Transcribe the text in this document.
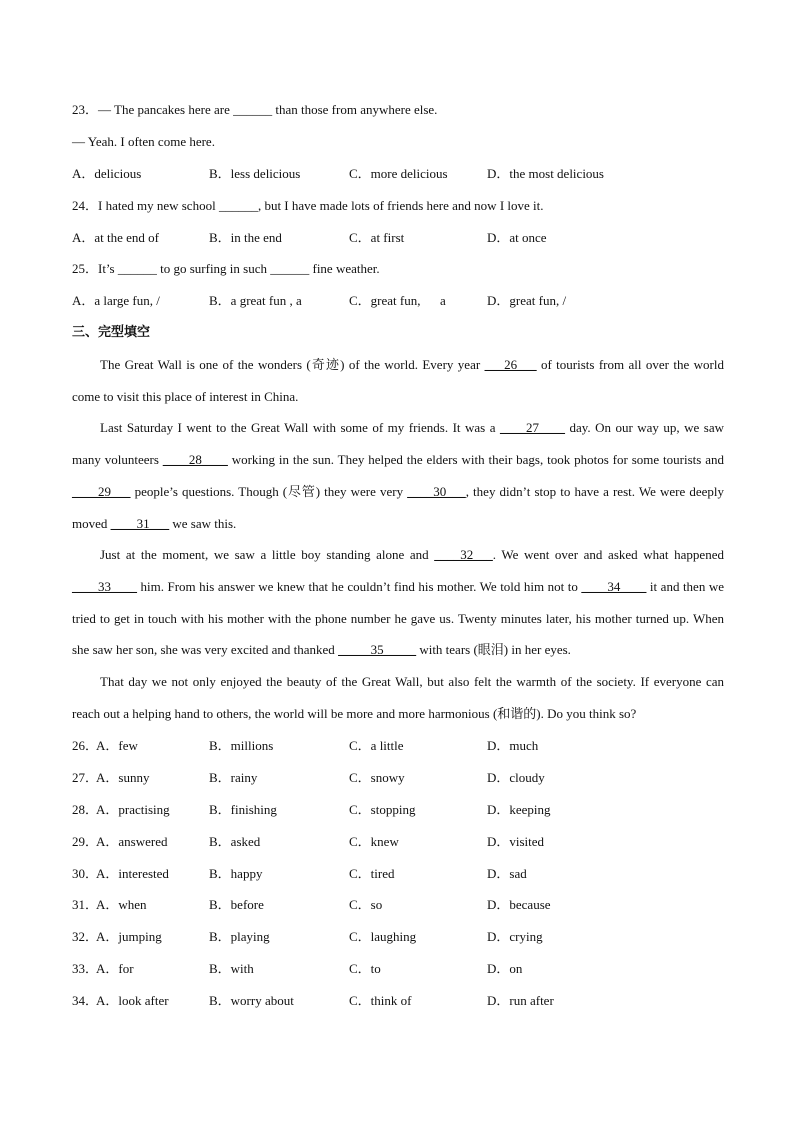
23．— The pancakes here are ______ than those from anywhere else.
— Yeah. I often come here.
A．delicious	B．less delicious	C．more delicious	D．the most delicious
24．I hated my new school ______, but I have made lots of friends here and now I love it.
A．at the end of	B．in the end	C．at first	D．at once
25．It’s ______ to go surfing in such ______ fine weather.
A．a large fun, /	B．a great fun , a	C．great fun,      a	D．great fun, /
三、完型填空

The Great Wall is one of the wonders (奇迹) of the world. Every year ___26___ of tourists from all over the world come to visit this place of interest in China.

Last Saturday I went to the Great Wall with some of my friends. It was a ____27____ day. On our way up, we saw many volunteers ____28____ working in the sun. They helped the elders with their bags, took photos for some tourists and ____29___ people’s questions. Though (尽管) they were very ____30___, they didn’t stop to have a rest. We were deeply moved ____31___ we saw this.

Just at the moment, we saw a little boy standing alone and ____32___. We went over and asked what happened ____33____ him. From his answer we knew that he couldn’t find his mother. We told him not to ____34____ it and then we tried to get in touch with his mother with the phone number he gave us. Twenty minutes later, his mother turned up. When she saw her son, she was very excited and thanked _____35_____ with tears (眼泪) in her eyes.

That day we not only enjoyed the beauty of the Great Wall, but also felt the warmth of the society. If everyone can reach out a helping hand to others, the world will be more and more harmonious (和谐的). Do you think so?

26．
A．few	B．millions	C．a little	D．much
27．
A．sunny	B．rainy	C．snowy	D．cloudy
28．
A．practising	B．finishing	C．stopping	D．keeping
29．
A．answered	B．asked	C．knew	D．visited
30．
A．interested	B．happy	C．tired	D．sad
31．
A．when	B．before	C．so	D．because
32．
A．jumping	B．playing	C．laughing	D．crying
33．
A．for	B．with	C．to	D．on
34．
A．look after	B．worry about	C．think of	D．run after
